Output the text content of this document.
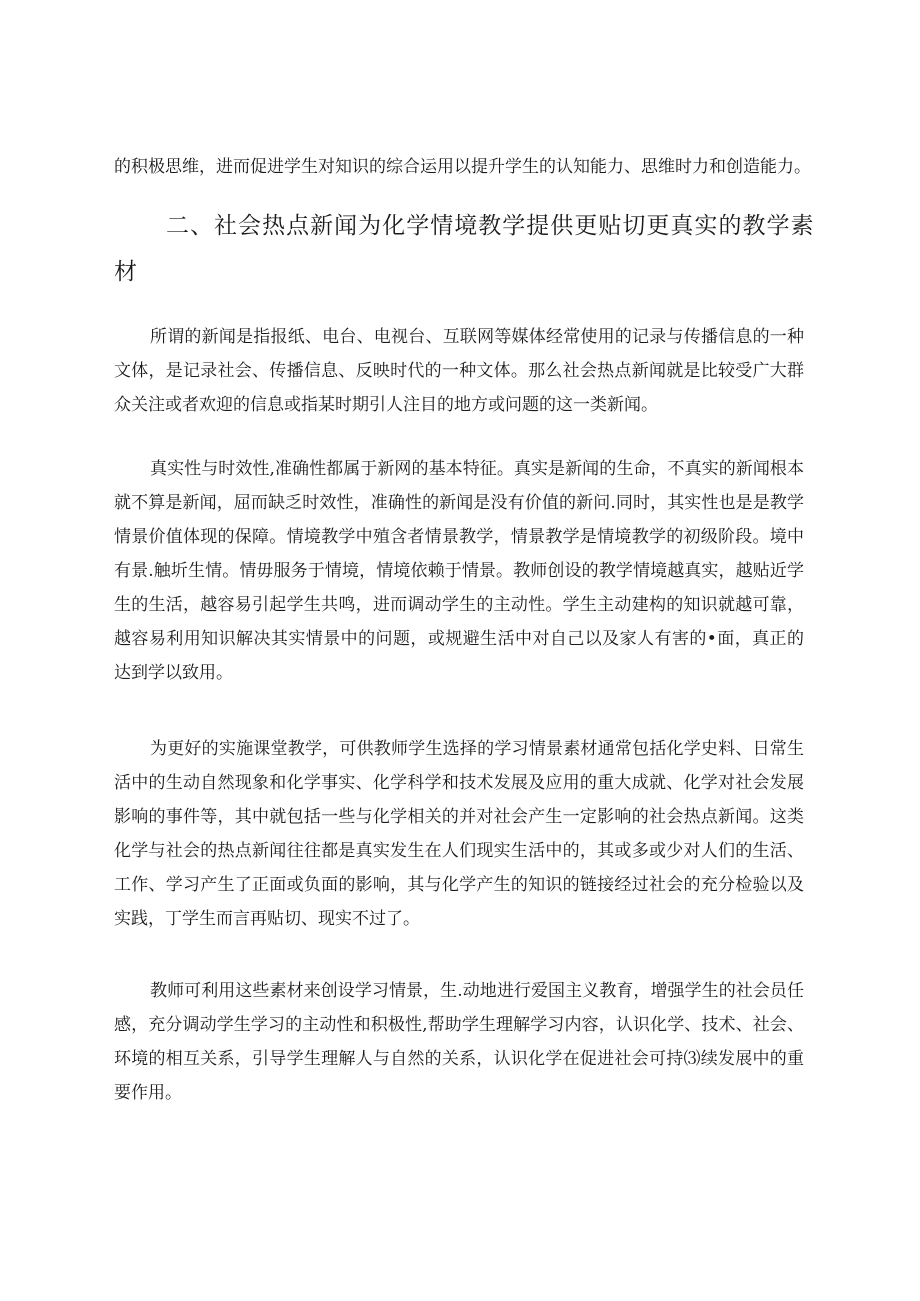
的积极思维，进而促进学生对知识的综合运用以提升学生的认知能力、思维时力和创造能力。

二、社会热点新闻为化学情境教学提供更贴切更真实的教学素材

所谓的新闻是指报纸、电台、电视台、互联网等媒体经常使用的记录与传播信息的一种文体，是记录社会、传播信息、反映时代的一种文体。那么社会热点新闻就是比较受广大群众关注或者欢迎的信息或指某时期引人注目的地方或问题的这一类新闻。

真实性与时效性,准确性都属于新网的基本特征。真实是新闻的生命，不真实的新闻根本就不算是新闻，屈而缺乏时效性，准确性的新闻是没有价值的新问.同时，其实性也是是教学情景价值体现的保障。情境教学中殖含者情景教学，情景教学是情境教学的初级阶段。境中有景.触圻生情。情毋服务于情境，情境依赖于情景。教师创设的教学情境越真实，越贴近学生的生活，越容易引起学生共鸣，进而调动学生的主动性。学生主动建构的知识就越可靠，越容易利用知识解决其实情景中的问题，或规避生活中对自己以及家人有害的•面，真正的达到学以致用。

为更好的实施课堂教学，可供教师学生选择的学习情景素材通常包括化学史料、日常生活中的生动自然现象和化学事实、化学科学和技术发展及应用的重大成就、化学对社会发展影响的事件等，其中就包括一些与化学相关的并对社会产生一定影响的社会热点新闻。这类化学与社会的热点新闻往往都是真实发生在人们现实生活中的，其或多或少对人们的生活、工作、学习产生了正面或负面的影响，其与化学产生的知识的链接经过社会的充分检验以及实践，丁学生而言再贴切、现实不过了。

教师可利用这些素材来创设学习情景，生.动地进行爱国主义教育，增强学生的社会员任感，充分调动学生学习的主动性和积极性,帮助学生理解学习内容，认识化学、技术、社会、环境的相互关系，引导学生理解人与自然的关系，认识化学在促进社会可持⑶续发展中的重要作用。
